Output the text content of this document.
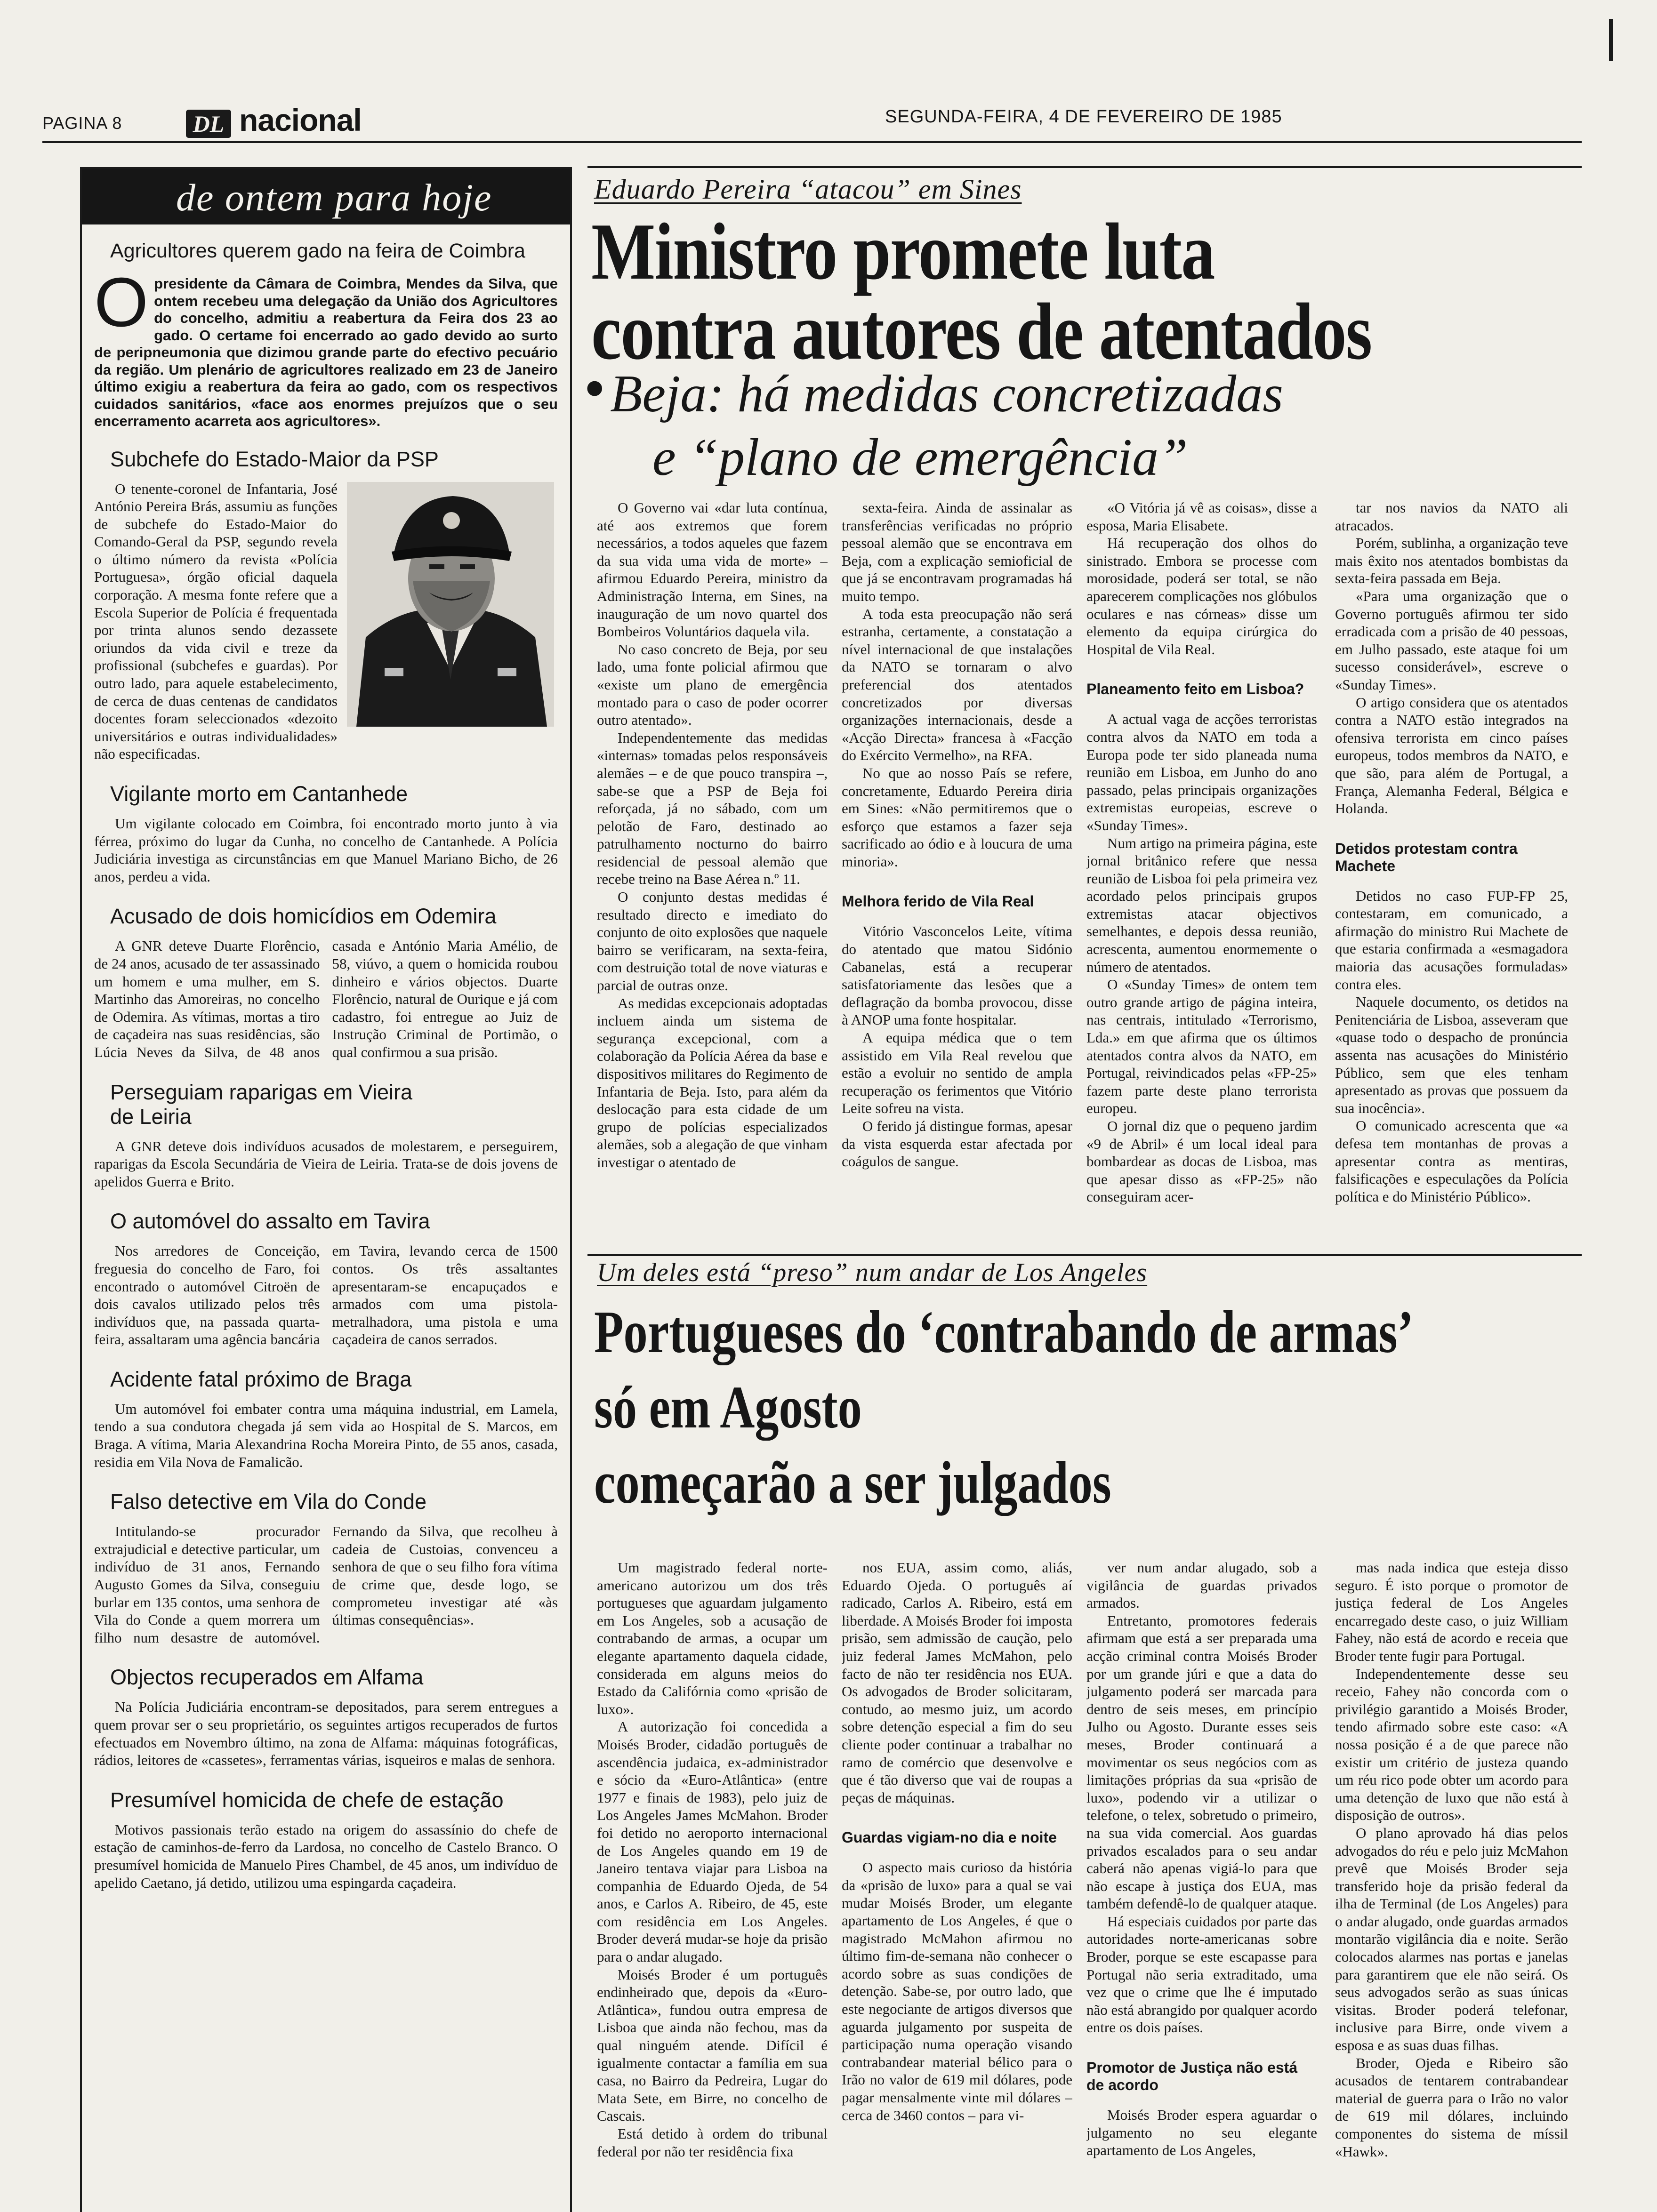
PAGINA 8	DL nacional	SEGUNDA-FEIRA, 4 DE FEVEREIRO DE 1985
de ontem para hoje
Agricultores querem gado na feira de Coimbra
O presidente da Câmara de Coimbra, Mendes da Silva, que ontem recebeu uma delegação da União dos Agricultores do concelho, admitiu a reabertura da Feira dos 23 ao gado. O certame foi encerrado ao gado devido ao surto de peripneumonia que dizimou grande parte do efectivo pecuário da região. Um plenário de agricultores realizado em 23 de Janeiro último exigiu a reabertura da feira ao gado, com os respectivos cuidados sanitários, «face aos enormes prejuízos que o seu encerramento acarreta aos agricultores».
Subchefe do Estado-Maior da PSP

O tenente-coronel de Infantaria, José António Pereira Brás, assumiu as funções de subchefe do Estado-Maior do Comando-Geral da PSP, segundo revela o último número da revista «Polícia Portuguesa», órgão oficial daquela corporação. A mesma fonte refere que a Escola Superior de Polícia é frequentada por trinta alunos sendo dezassete oriundos da vida civil e treze da profissional (subchefes e guardas). Por outro lado, para aquele estabelecimento, de cerca de duas centenas de candidatos docentes foram seleccionados «dezoito universitários e outras individualidades» não especificadas.

Vigilante morto em Cantanhede

Um vigilante colocado em Coimbra, foi encontrado morto junto à via férrea, próximo do lugar da Cunha, no concelho de Cantanhede. A Polícia Judiciária investiga as circunstâncias em que Manuel Mariano Bicho, de 26 anos, perdeu a vida.

Acusado de dois homicídios em Odemira

A GNR deteve Duarte Florêncio, de 24 anos, acusado de ter assassinado um homem e uma mulher, em S. Martinho das Amoreiras, no concelho de Odemira. As vítimas, mortas a tiro de caçadeira nas suas residências, são Lúcia Neves da Silva, de 48 anos casada e António Maria Amélio, de 58, viúvo, a quem o homicida roubou dinheiro e vários objectos. Duarte Florêncio, natural de Ourique e já com cadastro, foi entregue ao Juiz de Instrução Criminal de Portimão, o qual confirmou a sua prisão.

Perseguiam raparigas em Vieira de Leiria

A GNR deteve dois indivíduos acusados de molestarem, e perseguirem, raparigas da Escola Secundária de Vieira de Leiria. Trata-se de dois jovens de apelidos Guerra e Brito.

O automóvel do assalto em Tavira

Nos arredores de Conceição, freguesia do concelho de Faro, foi encontrado o automóvel Citroën de dois cavalos utilizado pelos três indivíduos que, na passada quarta-feira, assaltaram uma agência bancária em Tavira, levando cerca de 1500 contos. Os três assaltantes apresentaram-se encapuçados e armados com uma pistola-metralhadora, uma pistola e uma caçadeira de canos serrados.

Acidente fatal próximo de Braga

Um automóvel foi embater contra uma máquina industrial, em Lamela, tendo a sua condutora chegada já sem vida ao Hospital de S. Marcos, em Braga. A vítima, Maria Alexandrina Rocha Moreira Pinto, de 55 anos, casada, residia em Vila Nova de Famalicão.

Falso detective em Vila do Conde

Intitulando-se procurador extrajudicial e detective particular, um indivíduo de 31 anos, Fernando Augusto Gomes da Silva, conseguiu burlar em 135 contos, uma senhora de Vila do Conde a quem morrera um filho num desastre de automóvel. Fernando da Silva, que recolheu à cadeia de Custoias, convenceu a senhora de que o seu filho fora vítima de crime que, desde logo, se comprometeu investigar até «às últimas consequências».

Objectos recuperados em Alfama

Na Polícia Judiciária encontram-se depositados, para serem entregues a quem provar ser o seu proprietário, os seguintes artigos recuperados de furtos efectuados em Novembro último, na zona de Alfama: máquinas fotográficas, rádios, leitores de «cassetes», ferramentas várias, isqueiros e malas de senhora.

Presumível homicida de chefe de estação

Motivos passionais terão estado na origem do assassínio do chefe de estação de caminhos-de-ferro da Lardosa, no concelho de Castelo Branco. O presumível homicida de Manuelo Pires Chambel, de 45 anos, um indivíduo de apelido Caetano, já detido, utilizou uma espingarda caçadeira.

Eduardo Pereira “atacou” em Sines
Ministro promete luta
contra autores de atentados
• Beja: há medidas concretizadas
e “plano de emergência”

O Governo vai «dar luta contínua, até aos extremos que forem necessários, a todos aqueles que fazem da sua vida uma vida de morte» – afirmou Eduardo Pereira, ministro da Administração Interna, em Sines, na inauguração de um novo quartel dos Bombeiros Voluntários daquela vila.

No caso concreto de Beja, por seu lado, uma fonte policial afirmou que «existe um plano de emergência montado para o caso de poder ocorrer outro atentado».

Independentemente das medidas «internas» tomadas pelos responsáveis alemães – e de que pouco transpira –, sabe-se que a PSP de Beja foi reforçada, já no sábado, com um pelotão de Faro, destinado ao patrulhamento nocturno do bairro residencial de pessoal alemão que recebe treino na Base Aérea n.º 11.

O conjunto destas medidas é resultado directo e imediato do conjunto de oito explosões que naquele bairro se verificaram, na sexta-feira, com destruição total de nove viaturas e parcial de outras onze.

As medidas excepcionais adoptadas incluem ainda um sistema de segurança excepcional, com a colaboração da Polícia Aérea da base e dispositivos militares do Regimento de Infantaria de Beja. Isto, para além da deslocação para esta cidade de um grupo de polícias especializados alemães, sob a alegação de que vinham investigar o atentado de

sexta-feira. Ainda de assinalar as transferências verificadas no próprio pessoal alemão que se encontrava em Beja, com a explicação semioficial de que já se encontravam programadas há muito tempo.

A toda esta preocupação não será estranha, certamente, a constatação a nível internacional de que instalações da NATO se tornaram o alvo preferencial dos atentados concretizados por diversas organizações internacionais, desde a «Acção Directa» francesa à «Facção do Exército Vermelho», na RFA.

No que ao nosso País se refere, concretamente, Eduardo Pereira diria em Sines: «Não permitiremos que o esforço que estamos a fazer seja sacrificado ao ódio e à loucura de uma minoria».

Melhora ferido de Vila Real

Vitório Vasconcelos Leite, vítima do atentado que matou Sidónio Cabanelas, está a recuperar satisfatoriamente das lesões que a deflagração da bomba provocou, disse à ANOP uma fonte hospitalar.

A equipa médica que o tem assistido em Vila Real revelou que estão a evoluir no sentido de ampla recuperação os ferimentos que Vitório Leite sofreu na vista.

O ferido já distingue formas, apesar da vista esquerda estar afectada por coágulos de sangue.

«O Vitória já vê as coisas», disse a esposa, Maria Elisabete.

Há recuperação dos olhos do sinistrado. Embora se processe com morosidade, poderá ser total, se não aparecerem complicações nos glóbulos oculares e nas córneas» disse um elemento da equipa cirúrgica do Hospital de Vila Real.

Planeamento feito em Lisboa?

A actual vaga de acções terroristas contra alvos da NATO em toda a Europa pode ter sido planeada numa reunião em Lisboa, em Junho do ano passado, pelas principais organizações extremistas europeias, escreve o «Sunday Times».

Num artigo na primeira página, este jornal britânico refere que nessa reunião de Lisboa foi pela primeira vez acordado pelos principais grupos extremistas atacar objectivos semelhantes, e depois dessa reunião, acrescenta, aumentou enormemente o número de atentados.

O «Sunday Times» de ontem tem outro grande artigo de página inteira, nas centrais, intitulado «Terrorismo, Lda.» em que afirma que os últimos atentados contra alvos da NATO, em Portugal, reivindicados pelas «FP-25» fazem parte deste plano terrorista europeu.

O jornal diz que o pequeno jardim «9 de Abril» é um local ideal para bombardear as docas de Lisboa, mas que apesar disso as «FP-25» não conseguiram acer-

tar nos navios da NATO ali atracados.

Porém, sublinha, a organização teve mais êxito nos atentados bombistas da sexta-feira passada em Beja.

«Para uma organização que o Governo português afirmou ter sido erradicada com a prisão de 40 pessoas, em Julho passado, este ataque foi um sucesso considerável», escreve o «Sunday Times».

O artigo considera que os atentados contra a NATO estão integrados na ofensiva terrorista em cinco países europeus, todos membros da NATO, e que são, para além de Portugal, a França, Alemanha Federal, Bélgica e Holanda.

Detidos protestam contra Machete

Detidos no caso FUP-FP 25, contestaram, em comunicado, a afirmação do ministro Rui Machete de que estaria confirmada a «esmagadora maioria das acusações formuladas» contra eles.

Naquele documento, os detidos na Penitenciária de Lisboa, asseveram que «quase todo o despacho de pronúncia assenta nas acusações do Ministério Público, sem que eles tenham apresentado as provas que possuem da sua inocência».

O comunicado acrescenta que «a defesa tem montanhas de provas a apresentar contra as mentiras, falsificações e especulações da Polícia política e do Ministério Público».

Um deles está “preso” num andar de Los Angeles
Portugueses do ‘contrabando de armas’
só em Agosto
começarão a ser julgados

Um magistrado federal norte-americano autorizou um dos três portugueses que aguardam julgamento em Los Angeles, sob a acusação de contrabando de armas, a ocupar um elegante apartamento daquela cidade, considerada em alguns meios do Estado da Califórnia como «prisão de luxo».

A autorização foi concedida a Moisés Broder, cidadão português de ascendência judaica, ex-administrador e sócio da «Euro-Atlântica» (entre 1977 e finais de 1983), pelo juiz de Los Angeles James McMahon. Broder foi detido no aeroporto internacional de Los Angeles quando em 19 de Janeiro tentava viajar para Lisboa na companhia de Eduardo Ojeda, de 54 anos, e Carlos A. Ribeiro, de 45, este com residência em Los Angeles. Broder deverá mudar-se hoje da prisão para o andar alugado.

Moisés Broder é um português endinheirado que, depois da «Euro-Atlântica», fundou outra empresa de Lisboa que ainda não fechou, mas da qual ninguém atende. Difícil é igualmente contactar a família em sua casa, no Bairro da Pedreira, Lugar do Mata Sete, em Birre, no concelho de Cascais.

Está detido à ordem do tribunal federal por não ter residência fixa

nos EUA, assim como, aliás, Eduardo Ojeda. O português aí radicado, Carlos A. Ribeiro, está em liberdade. A Moisés Broder foi imposta prisão, sem admissão de caução, pelo juiz federal James McMahon, pelo facto de não ter residência nos EUA. Os advogados de Broder solicitaram, contudo, ao mesmo juiz, um acordo sobre detenção especial a fim do seu cliente poder continuar a trabalhar no ramo de comércio que desenvolve e que é tão diverso que vai de roupas a peças de máquinas.

Guardas vigiam-no dia e noite

O aspecto mais curioso da história da «prisão de luxo» para a qual se vai mudar Moisés Broder, um elegante apartamento de Los Angeles, é que o magistrado McMahon afirmou no último fim-de-semana não conhecer o acordo sobre as suas condições de detenção. Sabe-se, por outro lado, que este negociante de artigos diversos que aguarda julgamento por suspeita de participação numa operação visando contrabandear material bélico para o Irão no valor de 619 mil dólares, pode pagar mensalmente vinte mil dólares – cerca de 3460 contos – para vi-

ver num andar alugado, sob a vigilância de guardas privados armados.

Entretanto, promotores federais afirmam que está a ser preparada uma acção criminal contra Moisés Broder por um grande júri e que a data do julgamento poderá ser marcada para dentro de seis meses, em princípio Julho ou Agosto. Durante esses seis meses, Broder continuará a movimentar os seus negócios com as limitações próprias da sua «prisão de luxo», podendo vir a utilizar o telefone, o telex, sobretudo o primeiro, na sua vida comercial. Aos guardas privados escalados para o seu andar caberá não apenas vigiá-lo para que não escape à justiça dos EUA, mas também defendê-lo de qualquer ataque.

Há especiais cuidados por parte das autoridades norte-americanas sobre Broder, porque se este escapasse para Portugal não seria extraditado, uma vez que o crime que lhe é imputado não está abrangido por qualquer acordo entre os dois países.

Promotor de Justiça não está de acordo

Moisés Broder espera aguardar o julgamento no seu elegante apartamento de Los Angeles,

mas nada indica que esteja disso seguro. É isto porque o promotor de justiça federal de Los Angeles encarregado deste caso, o juiz William Fahey, não está de acordo e receia que Broder tente fugir para Portugal.

Independentemente desse seu receio, Fahey não concorda com o privilégio garantido a Moisés Broder, tendo afirmado sobre este caso: «A nossa posição é a de que parece não existir um critério de justeza quando um réu rico pode obter um acordo para uma detenção de luxo que não está à disposição de outros».

O plano aprovado há dias pelos advogados do réu e pelo juiz McMahon prevê que Moisés Broder seja transferido hoje da prisão federal da ilha de Terminal (de Los Angeles) para o andar alugado, onde guardas armados montarão vigilância dia e noite. Serão colocados alarmes nas portas e janelas para garantirem que ele não seirá. Os seus advogados serão as suas únicas visitas. Broder poderá telefonar, inclusive para Birre, onde vivem a esposa e as suas duas filhas.

Broder, Ojeda e Ribeiro são acusados de tentarem contrabandear material de guerra para o Irão no valor de 619 mil dólares, incluindo componentes do sistema de míssil «Hawk».
